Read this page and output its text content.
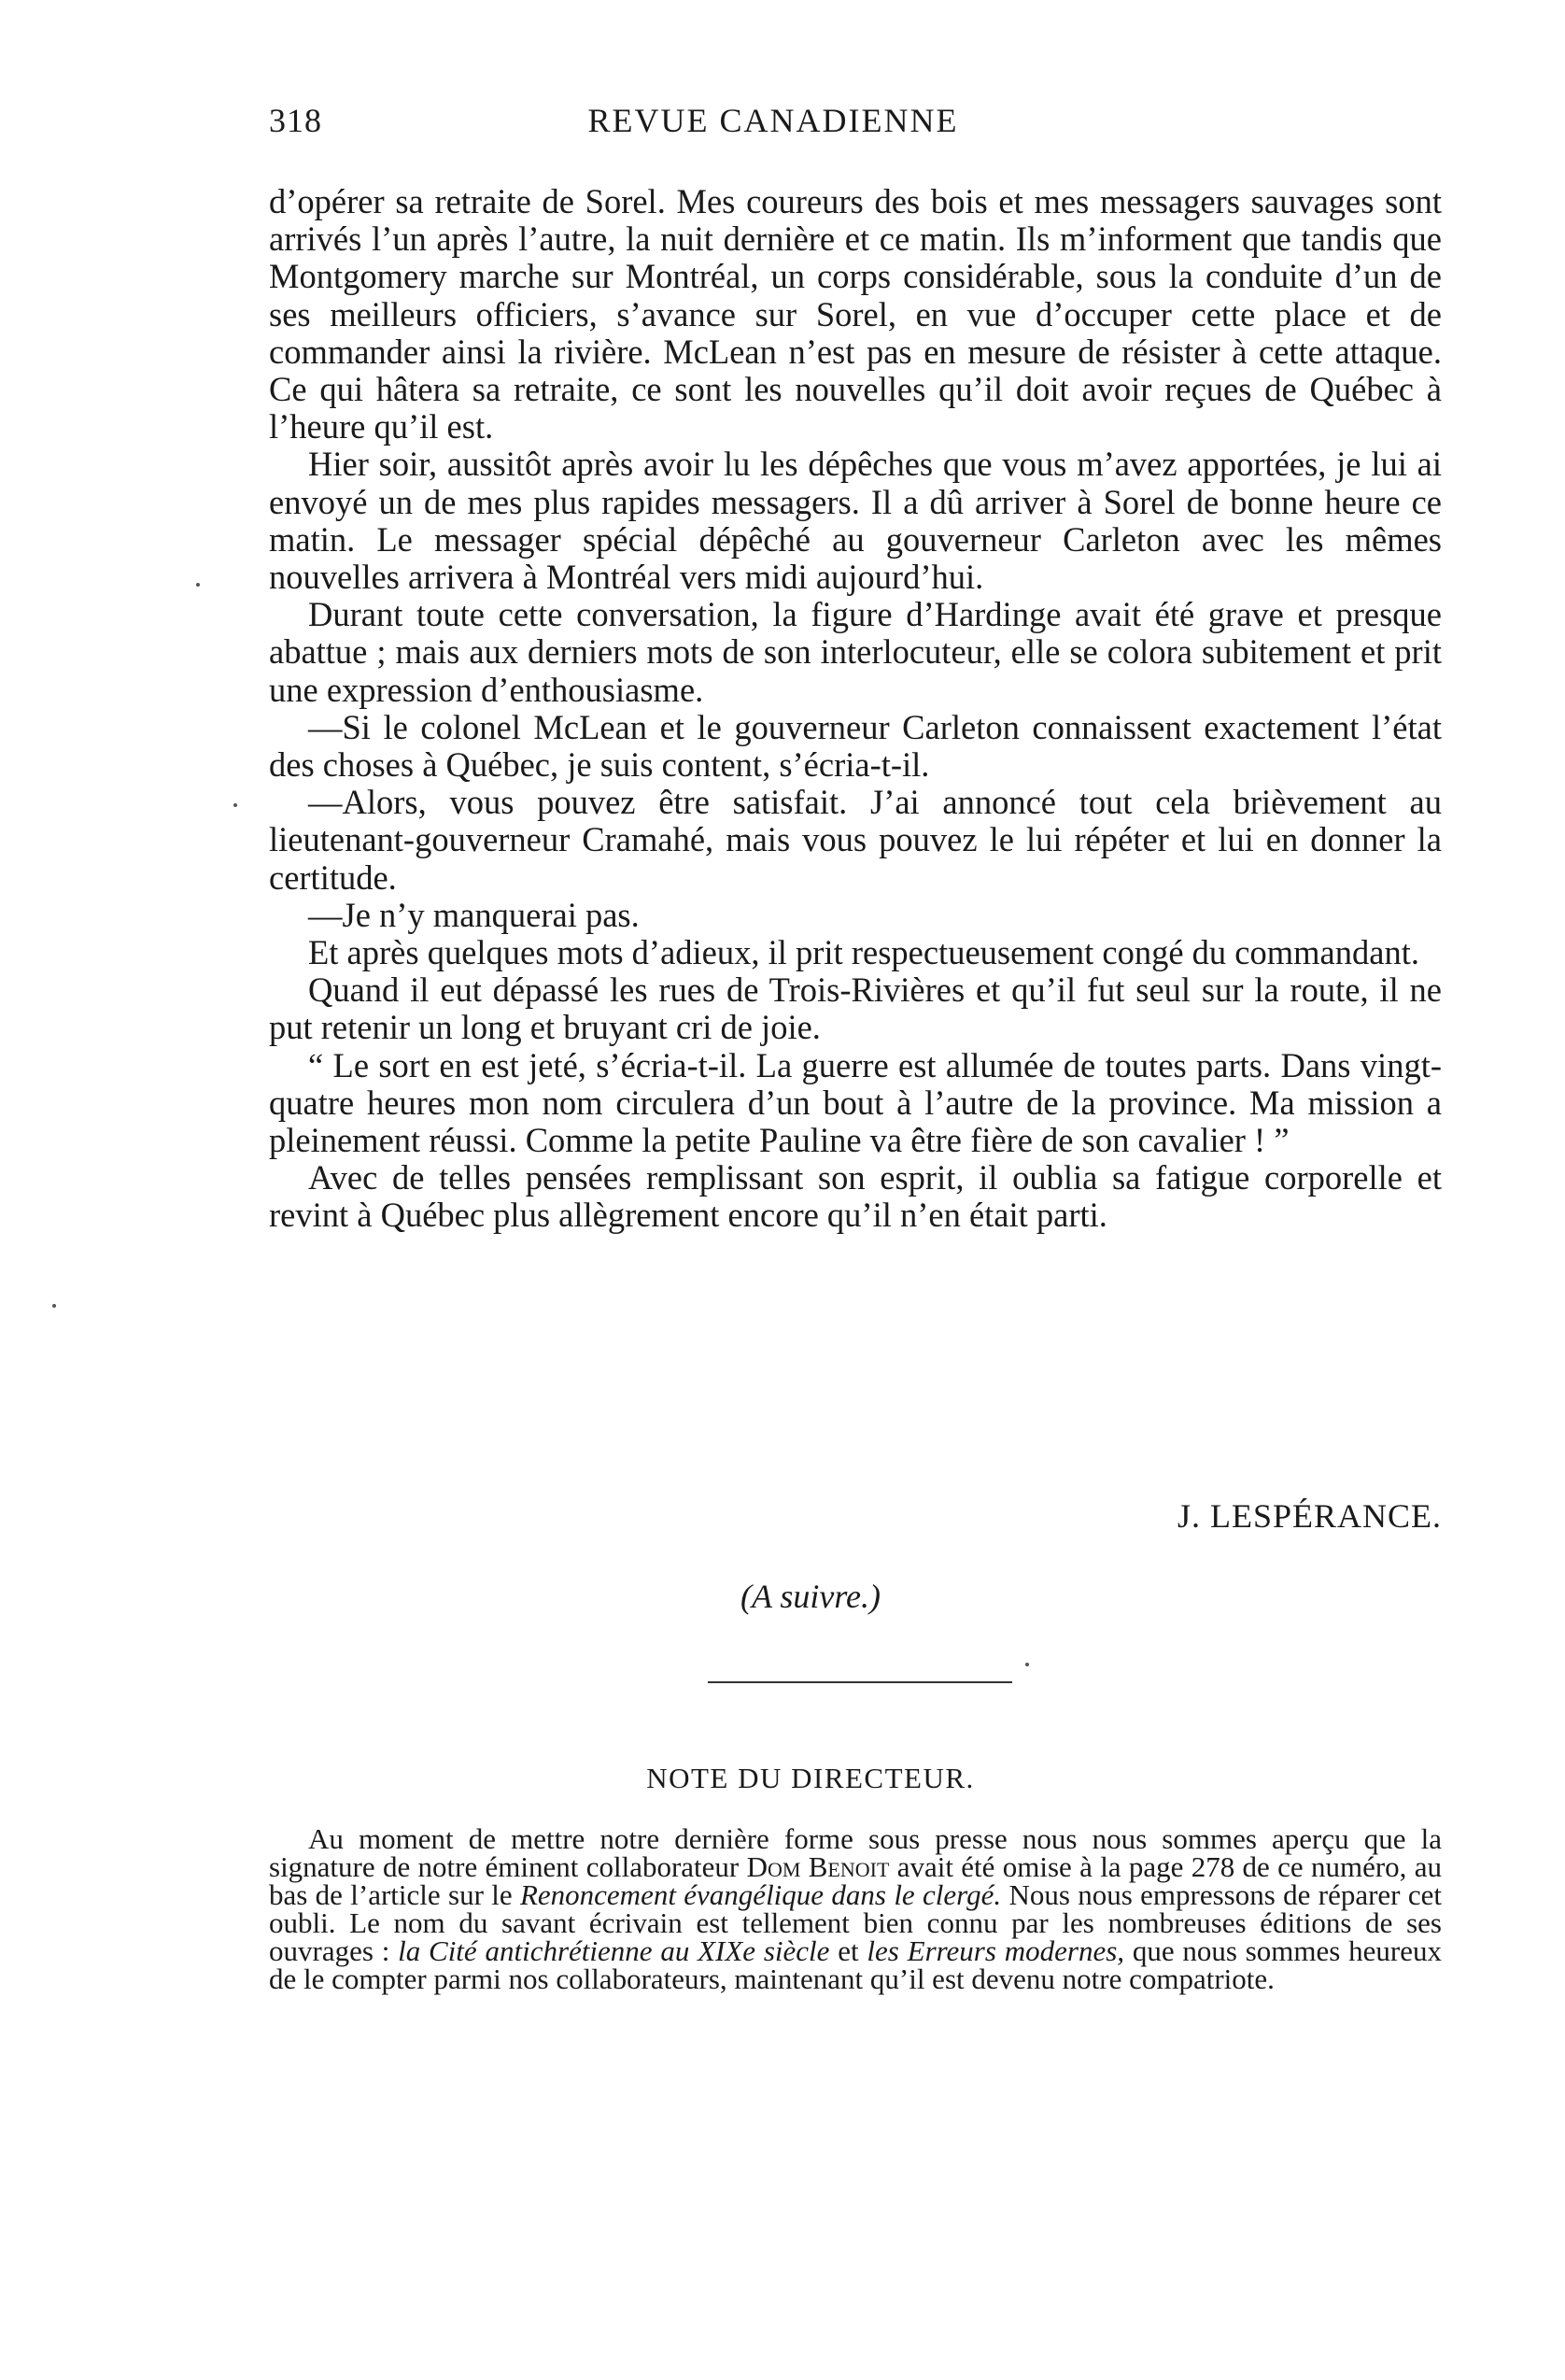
318	REVUE CANADIENNE

d’opérer sa retraite de Sorel. Mes coureurs des bois et mes messagers sauvages sont arrivés l’un après l’autre, la nuit dernière et ce matin. Ils m’informent que tandis que Montgomery marche sur Montréal, un corps considérable, sous la conduite d’un de ses meilleurs officiers, s’avance sur Sorel, en vue d’occuper cette place et de commander ainsi la rivière. McLean n’est pas en mesure de résister à cette attaque. Ce qui hâtera sa retraite, ce sont les nouvelles qu’il doit avoir reçues de Québec à l’heure qu’il est.

Hier soir, aussitôt après avoir lu les dépêches que vous m’avez apportées, je lui ai envoyé un de mes plus rapides messagers. Il a dû arriver à Sorel de bonne heure ce matin. Le messager spécial dépêché au gouverneur Carleton avec les mêmes nouvelles arrivera à Montréal vers midi aujourd’hui.

Durant toute cette conversation, la figure d’Hardinge avait été grave et presque abattue ; mais aux derniers mots de son interlocuteur, elle se colora subitement et prit une expression d’enthousiasme.

—Si le colonel McLean et le gouverneur Carleton connaissent exactement l’état des choses à Québec, je suis content, s’écria-t-il.

—Alors, vous pouvez être satisfait. J’ai annoncé tout cela brièvement au lieutenant-gouverneur Cramahé, mais vous pouvez le lui répéter et lui en donner la certitude.

—Je n’y manquerai pas.

Et après quelques mots d’adieux, il prit respectueusement congé du commandant.

Quand il eut dépassé les rues de Trois-Rivières et qu’il fut seul sur la route, il ne put retenir un long et bruyant cri de joie.

“ Le sort en est jeté, s’écria-t-il. La guerre est allumée de toutes parts. Dans vingt-quatre heures mon nom circulera d’un bout à l’autre de la province. Ma mission a pleinement réussi. Comme la petite Pauline va être fière de son cavalier ! ”

Avec de telles pensées remplissant son esprit, il oublia sa fatigue corporelle et revint à Québec plus allègrement encore qu’il n’en était parti.

J. LESPÉRANCE.
(A suivre.)
NOTE DU DIRECTEUR.

Au moment de mettre notre dernière forme sous presse nous nous sommes aperçu que la signature de notre éminent collaborateur Dom Benoit avait été omise à la page 278 de ce numéro, au bas de l’article sur le Renoncement évangélique dans le clergé. Nous nous empressons de réparer cet oubli. Le nom du savant écrivain est tellement bien connu par les nombreuses éditions de ses ouvrages : la Cité antichrétienne au XIXe siècle et les Erreurs modernes, que nous sommes heureux de le compter parmi nos collaborateurs, maintenant qu’il est devenu notre compatriote.
